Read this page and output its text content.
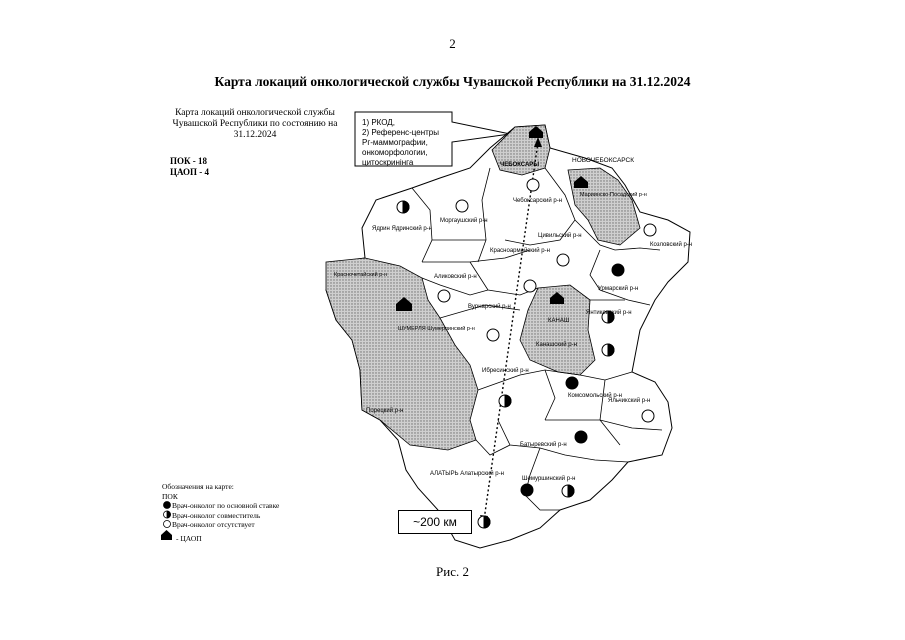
2
Карта локаций онкологической службы Чувашской Республики на 31.12.2024
Карта локаций онкологической службы
Чувашской Республики по состоянию на
31.12.2024
ПОК - 18
ЦАОП - 4
ЧЕБОКСАРЫ
НОВОЧЕБОКСАРСК
Чебоксарский р-н
Мариинско-Посадский р-н
Моргаушский р-н
Ядрин Ядринский р-н
Цивильский р-н
Козловский р-н
Красноармейский р-н
Аликовский р-н
Красночетайский р-н
Урмарский р-н
Вурнарский р-н
КАНАШ
Канашский р-н
Янтиковский р-н
ШУМЕРЛЯ Шумерлинский р-н
Ибресинский р-н
Комсомольский р-н
Яльчикский р-н
Порецкий р-н
Батыревский р-н
АЛАТЫРЬ Алатырский р-н
Шемуршинский р-н
1) РКОД,
2) Референс-центры
Рг-маммографии,
онкоморфологии,
цитоскринінга
~200 км
Обозначения на карте:
ПОК
Врач-онколог по основной ставке
Врач-онколог совместитель
Врач-онколог отсутствует
- ЦАОП
Рис. 2
